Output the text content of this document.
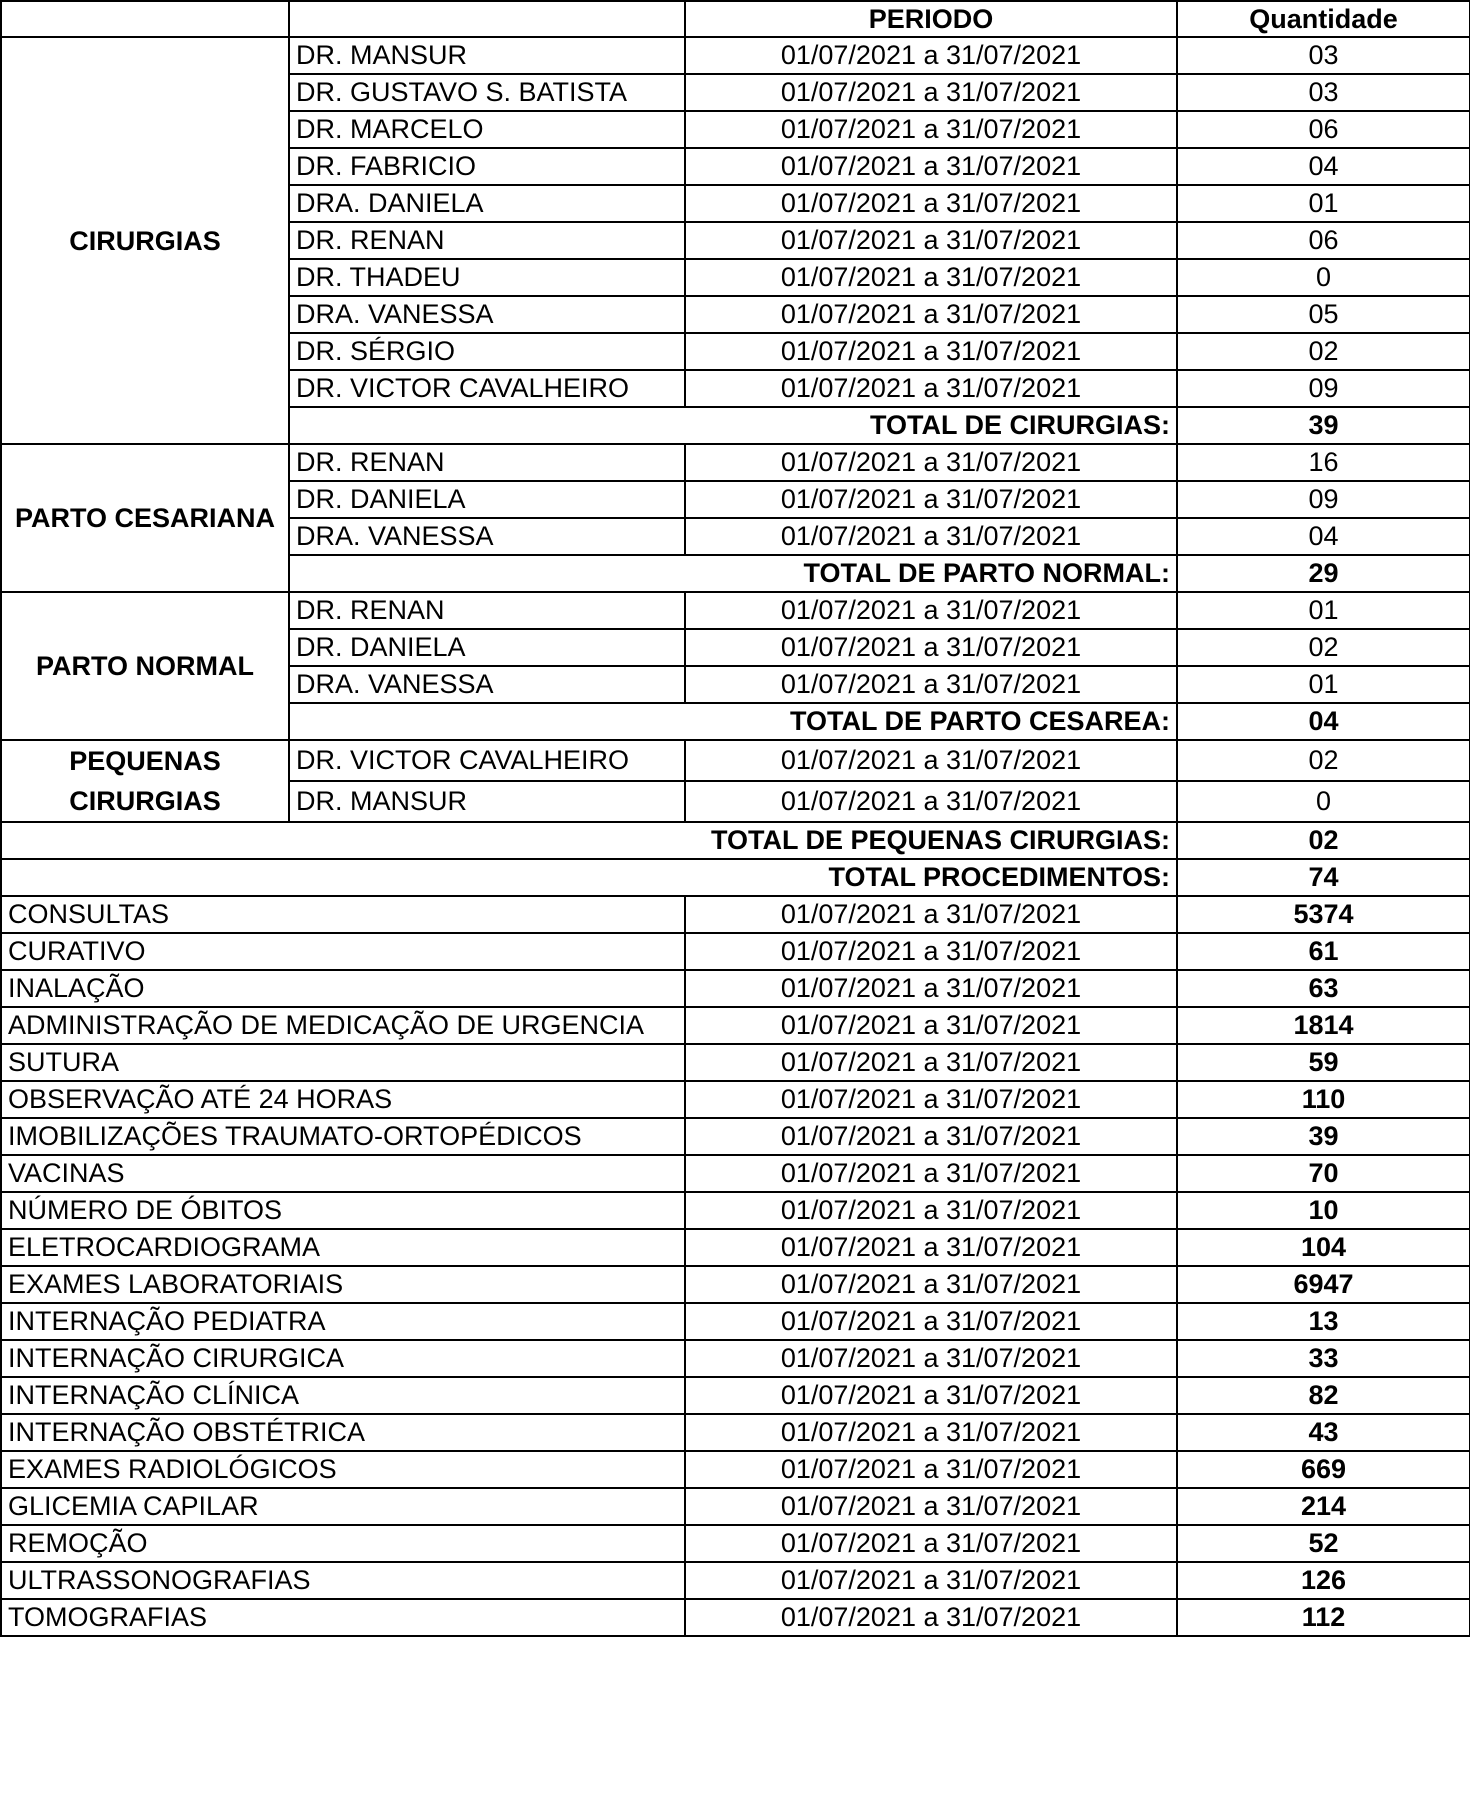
		PERIODO	Quantidade
CIRURGIAS	DR. MANSUR	01/07/2021 a 31/07/2021	03
	DR. GUSTAVO S. BATISTA	01/07/2021 a 31/07/2021	03
	DR. MARCELO	01/07/2021 a 31/07/2021	06
	DR. FABRICIO	01/07/2021 a 31/07/2021	04
	DRA. DANIELA	01/07/2021 a 31/07/2021	01
	DR. RENAN	01/07/2021 a 31/07/2021	06
	DR. THADEU	01/07/2021 a 31/07/2021	0
	DRA. VANESSA	01/07/2021 a 31/07/2021	05
	DR. SÉRGIO	01/07/2021 a 31/07/2021	02
	DR. VICTOR CAVALHEIRO	01/07/2021 a 31/07/2021	09
	TOTAL DE CIRURGIAS:		39
PARTO CESARIANA	DR. RENAN	01/07/2021 a 31/07/2021	16
	DR. DANIELA	01/07/2021 a 31/07/2021	09
	DRA. VANESSA	01/07/2021 a 31/07/2021	04
	TOTAL DE PARTO NORMAL:		29
PARTO NORMAL	DR. RENAN	01/07/2021 a 31/07/2021	01
	DR. DANIELA	01/07/2021 a 31/07/2021	02
	DRA. VANESSA	01/07/2021 a 31/07/2021	01
	TOTAL DE PARTO CESAREA:		04
PEQUENAS CIRURGIAS	DR. VICTOR CAVALHEIRO	01/07/2021 a 31/07/2021	02
	DR. MANSUR	01/07/2021 a 31/07/2021	0
TOTAL DE PEQUENAS CIRURGIAS:			02
TOTAL PROCEDIMENTOS:			74
CONSULTAS		01/07/2021 a 31/07/2021	5374
CURATIVO		01/07/2021 a 31/07/2021	61
INALAÇÃO		01/07/2021 a 31/07/2021	63
ADMINISTRAÇÃO DE MEDICAÇÃO DE URGENCIA		01/07/2021 a 31/07/2021	1814
SUTURA		01/07/2021 a 31/07/2021	59
OBSERVAÇÃO ATÉ 24 HORAS		01/07/2021 a 31/07/2021	110
IMOBILIZAÇÕES TRAUMATO-ORTOPÉDICOS		01/07/2021 a 31/07/2021	39
VACINAS		01/07/2021 a 31/07/2021	70
NÚMERO DE ÓBITOS		01/07/2021 a 31/07/2021	10
ELETROCARDIOGRAMA		01/07/2021 a 31/07/2021	104
EXAMES LABORATORIAIS		01/07/2021 a 31/07/2021	6947
INTERNAÇÃO PEDIATRA		01/07/2021 a 31/07/2021	13
INTERNAÇÃO CIRURGICA		01/07/2021 a 31/07/2021	33
INTERNAÇÃO CLÍNICA		01/07/2021 a 31/07/2021	82
INTERNAÇÃO OBSTÉTRICA		01/07/2021 a 31/07/2021	43
EXAMES RADIOLÓGICOS		01/07/2021 a 31/07/2021	669
GLICEMIA CAPILAR		01/07/2021 a 31/07/2021	214
REMOÇÃO		01/07/2021 a 31/07/2021	52
ULTRASSONOGRAFIAS		01/07/2021 a 31/07/2021	126
TOMOGRAFIAS		01/07/2021 a 31/07/2021	112
